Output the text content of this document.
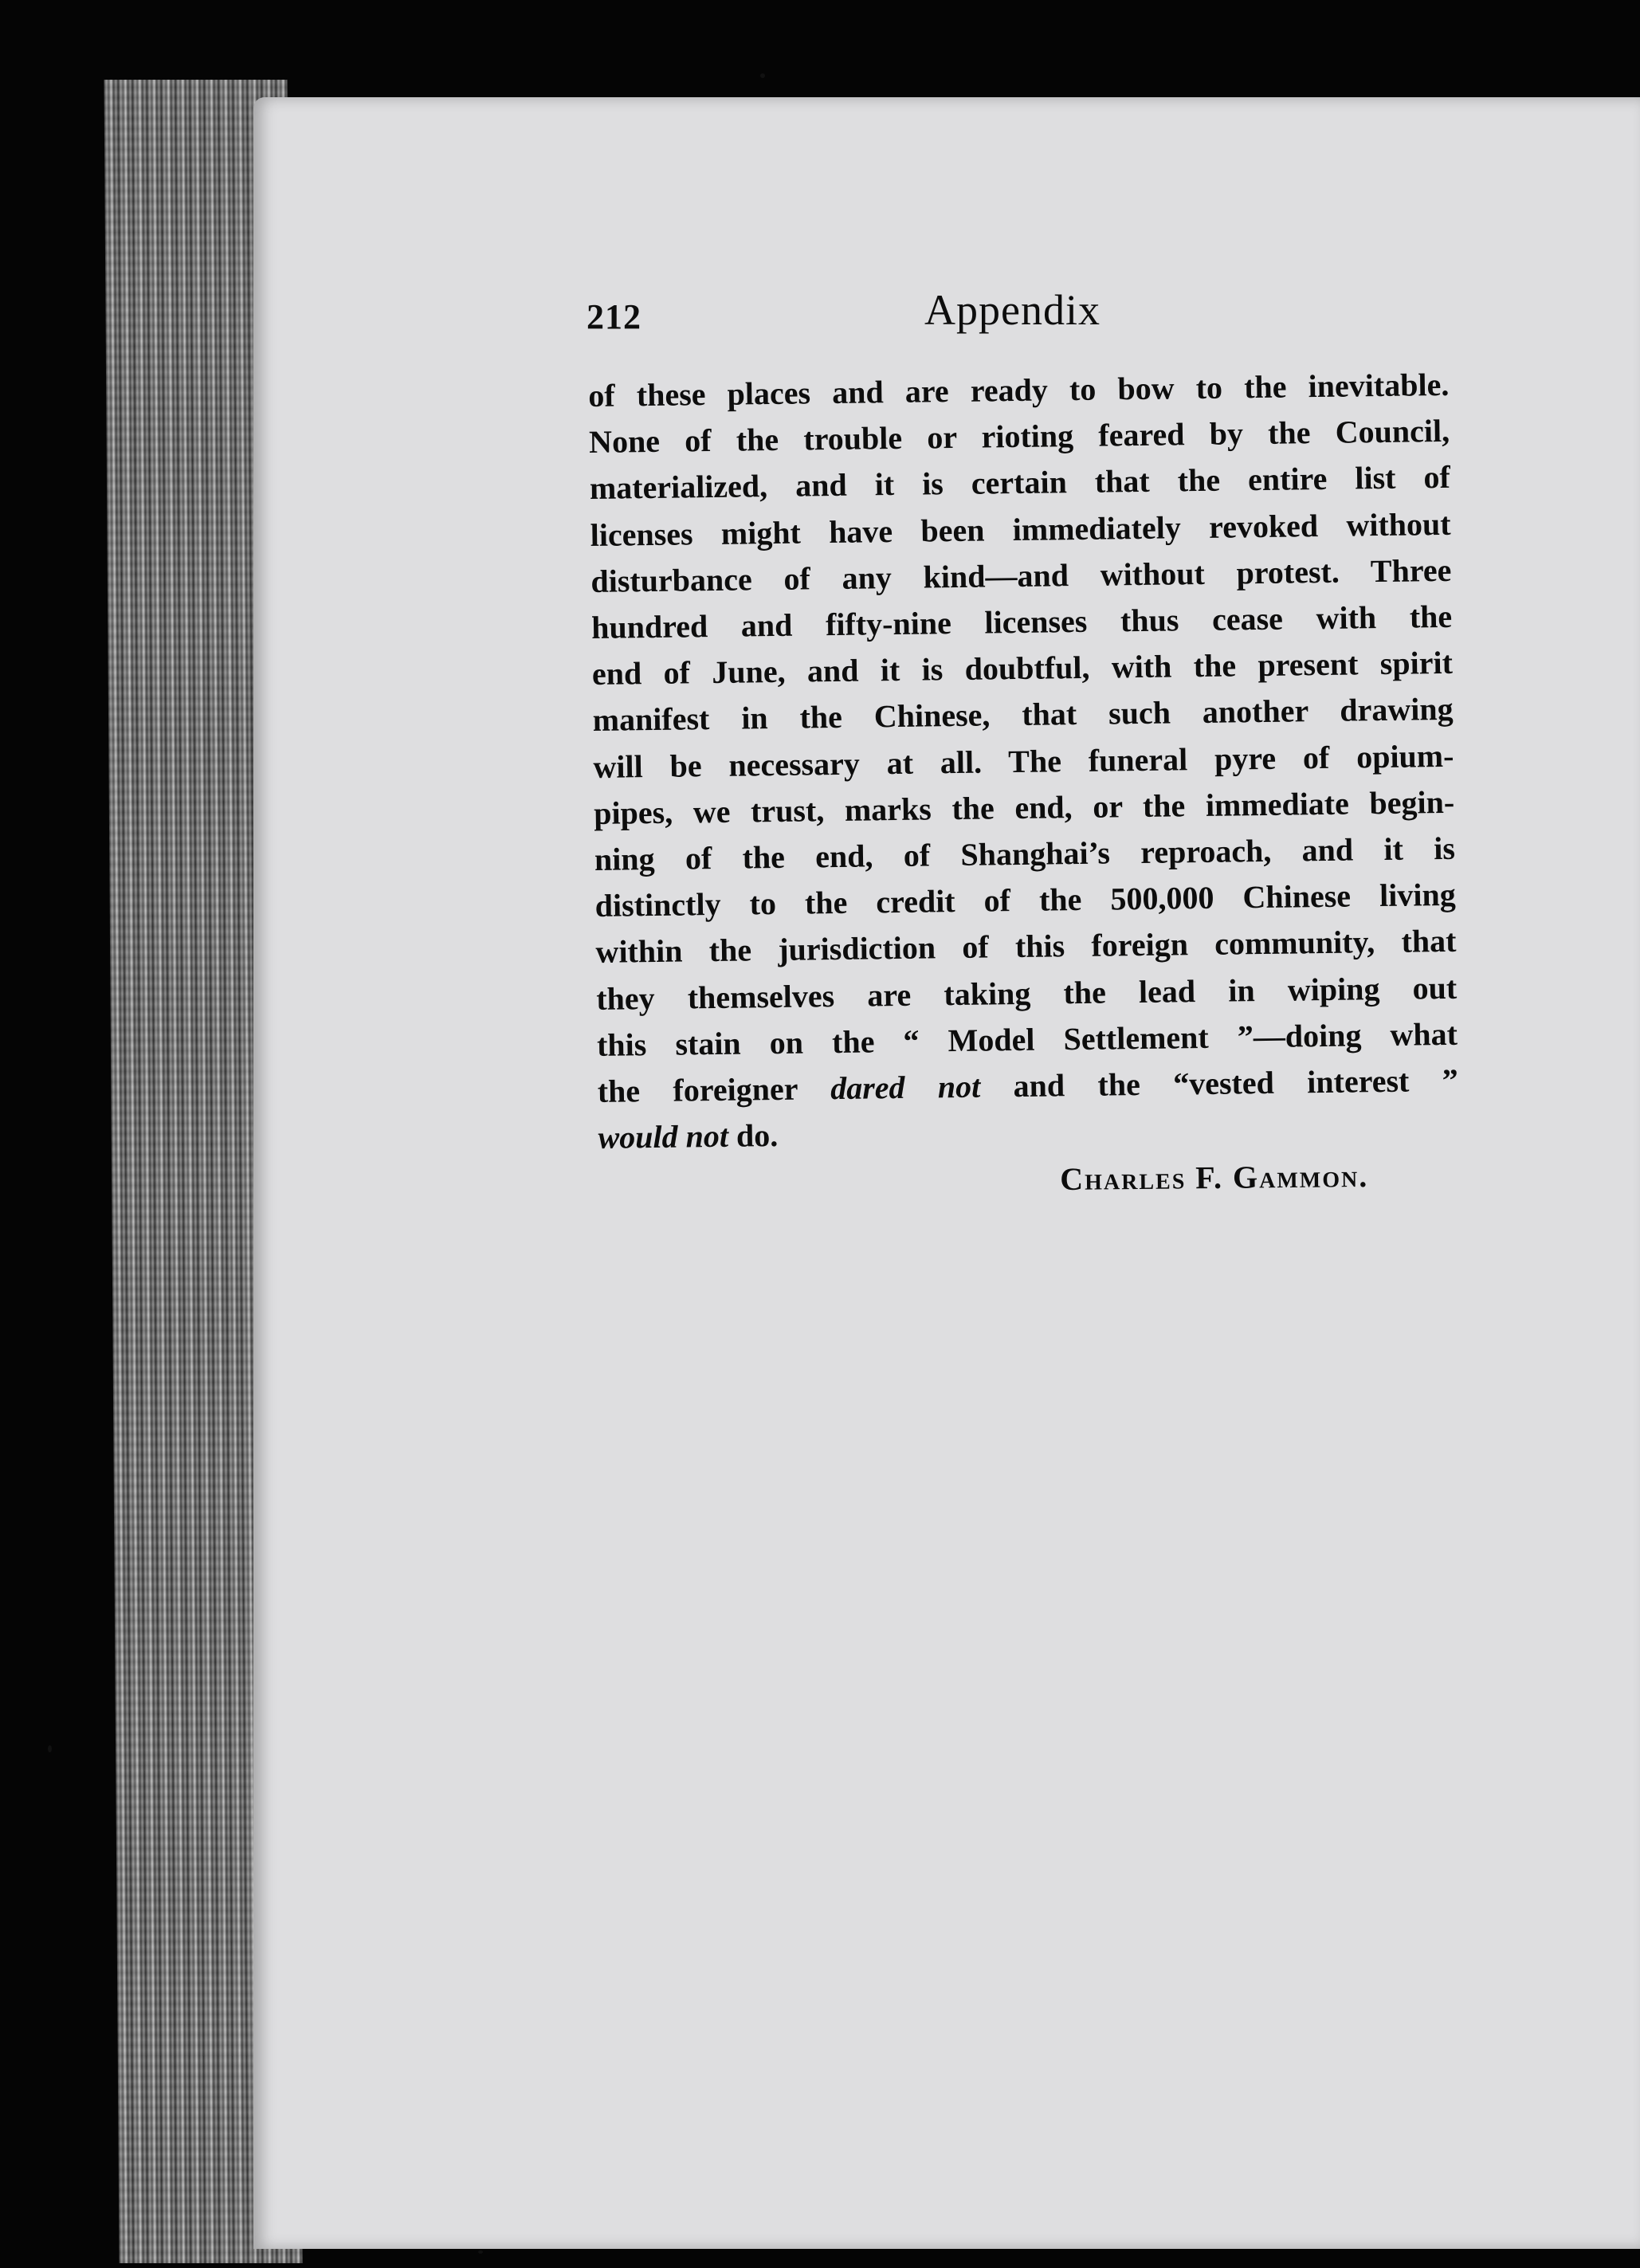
212	Appendix
of these places and are ready to bow to the inevitable.
None of the trouble or rioting feared by the Council,
materialized, and it is certain that the entire list of
licenses might have been immediately revoked without
disturbance of any kind—and without protest. Three
hundred and fifty-nine licenses thus cease with the
end of June, and it is doubtful, with the present spirit
manifest in the Chinese, that such another drawing
will be necessary at all. The funeral pyre of opium-
pipes, we trust, marks the end, or the immediate begin-
ning of the end, of Shanghai’s reproach, and it is
distinctly to the credit of the 500,000 Chinese living
within the jurisdiction of this foreign community, that
they themselves are taking the lead in wiping out
this stain on the “ Model Settlement ”—doing what
the foreigner dared not and the “vested interest ”
would not do.
Charles F. Gammon.
